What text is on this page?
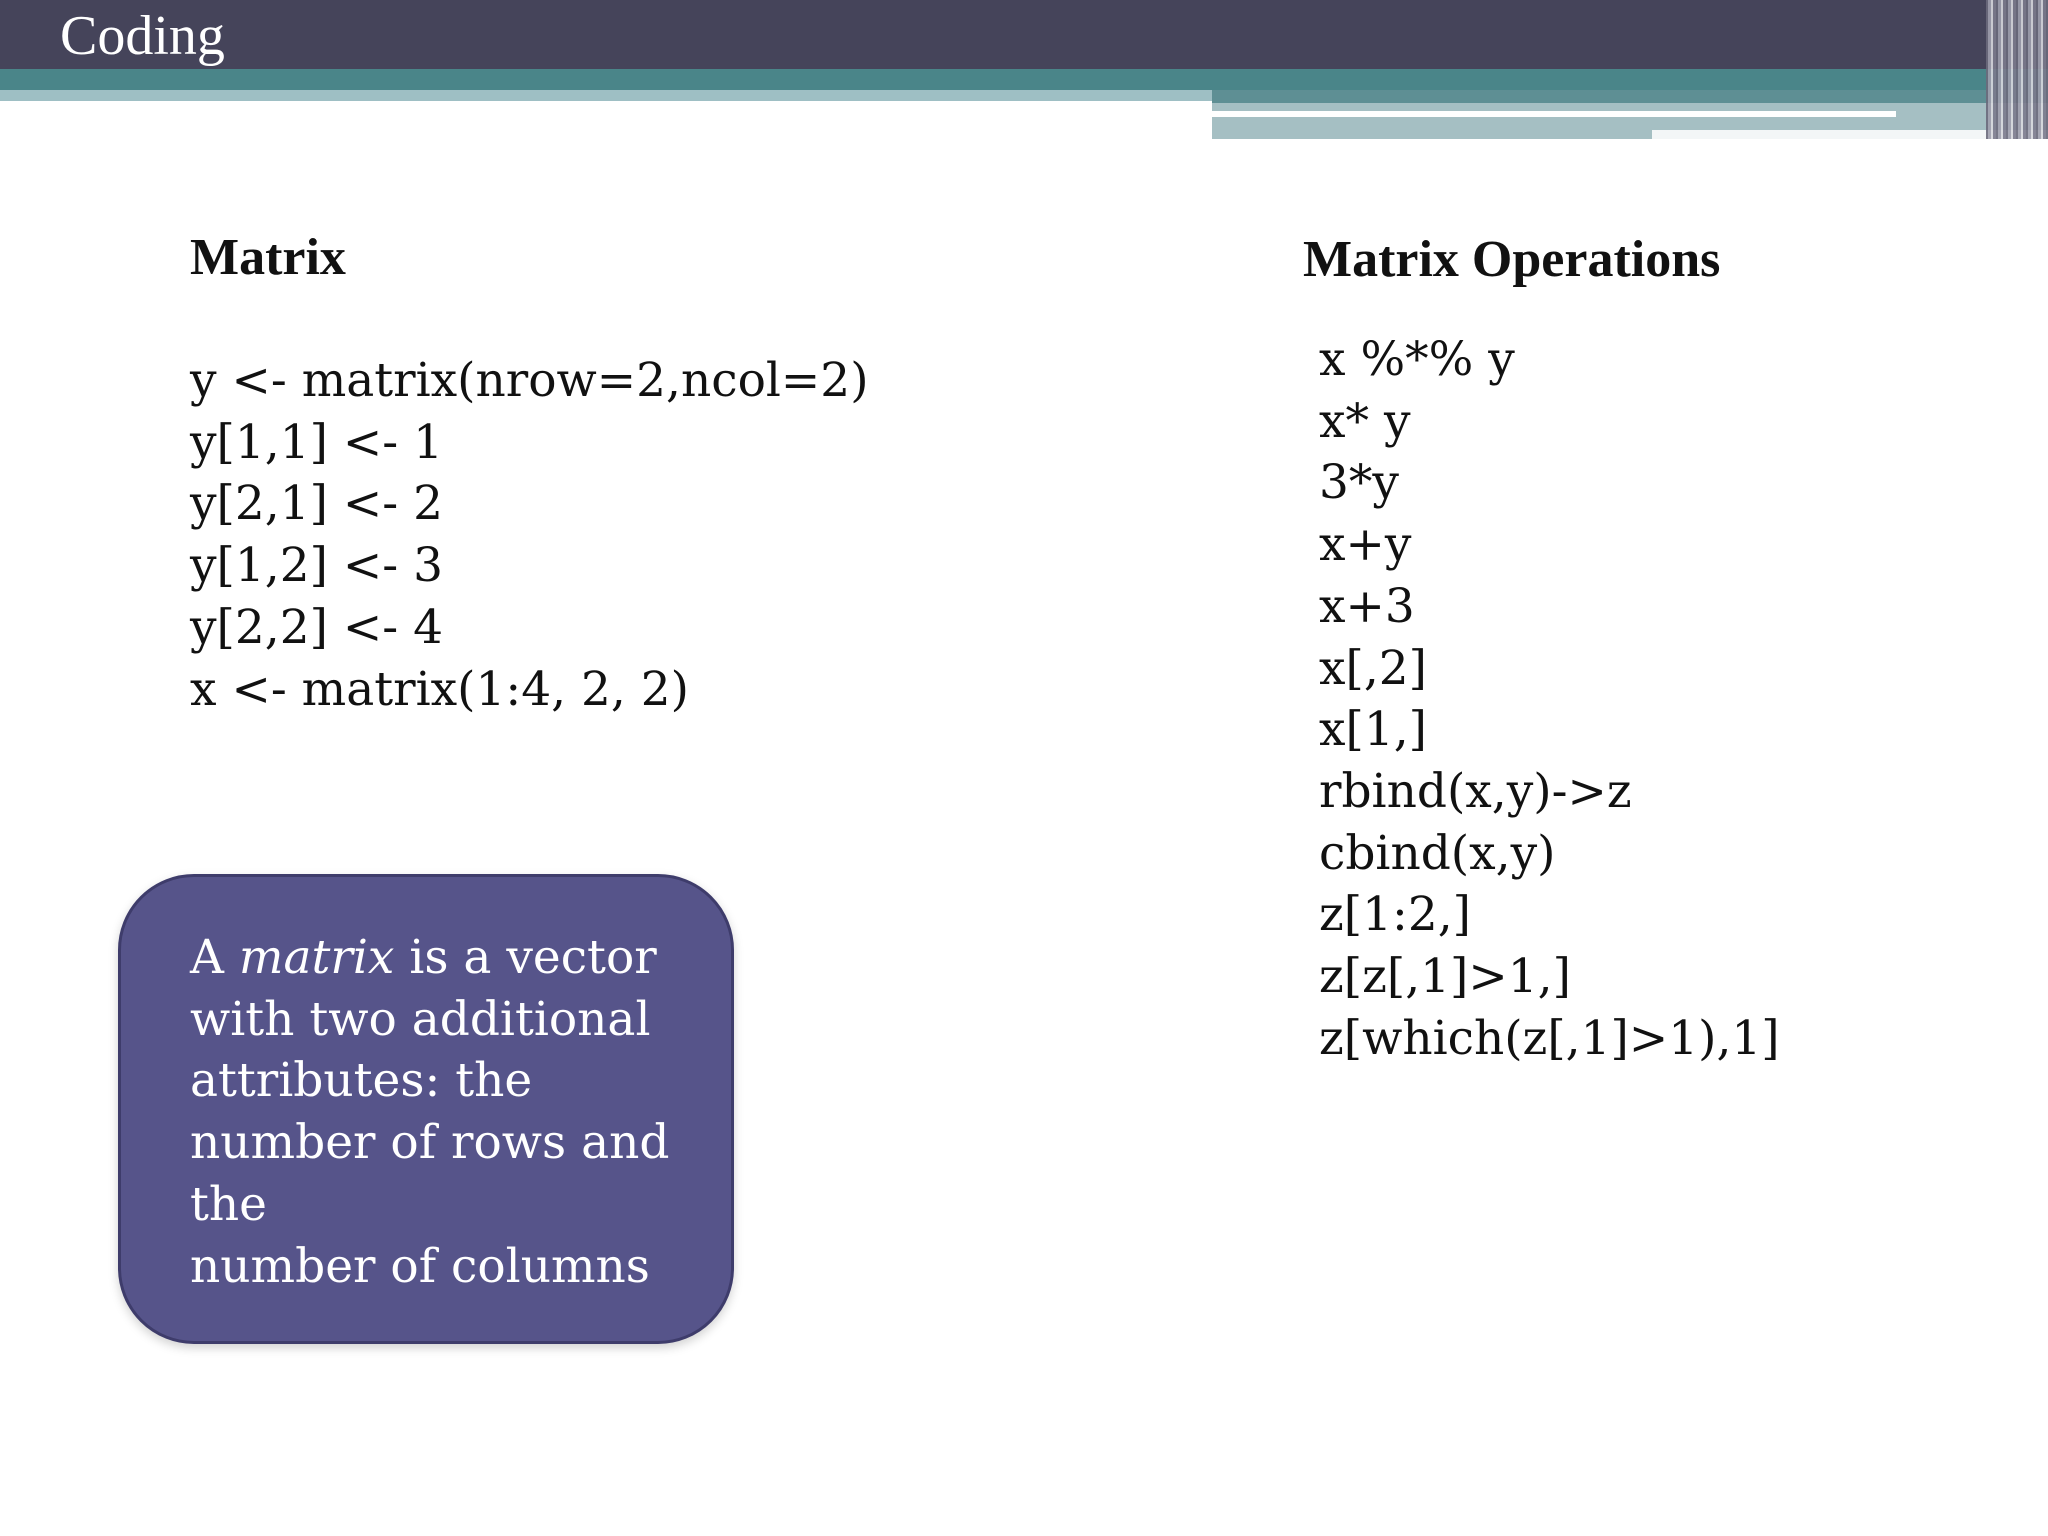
Coding
Matrix
y <- matrix(nrow=2,ncol=2)
y[1,1] <- 1
y[2,1] <- 2
y[1,2] <- 3
y[2,2] <- 4
x <- matrix(1:4, 2, 2)

A matrix is a vector
with two additional
attributes: the
number of rows and
the
number of columns

Matrix Operations
x %*% y
x* y
3*y
x+y
x+3
x[,2]
x[1,]
rbind(x,y)->z
cbind(x,y)
z[1:2,]
z[z[,1]>1,]
z[which(z[,1]>1),1]
